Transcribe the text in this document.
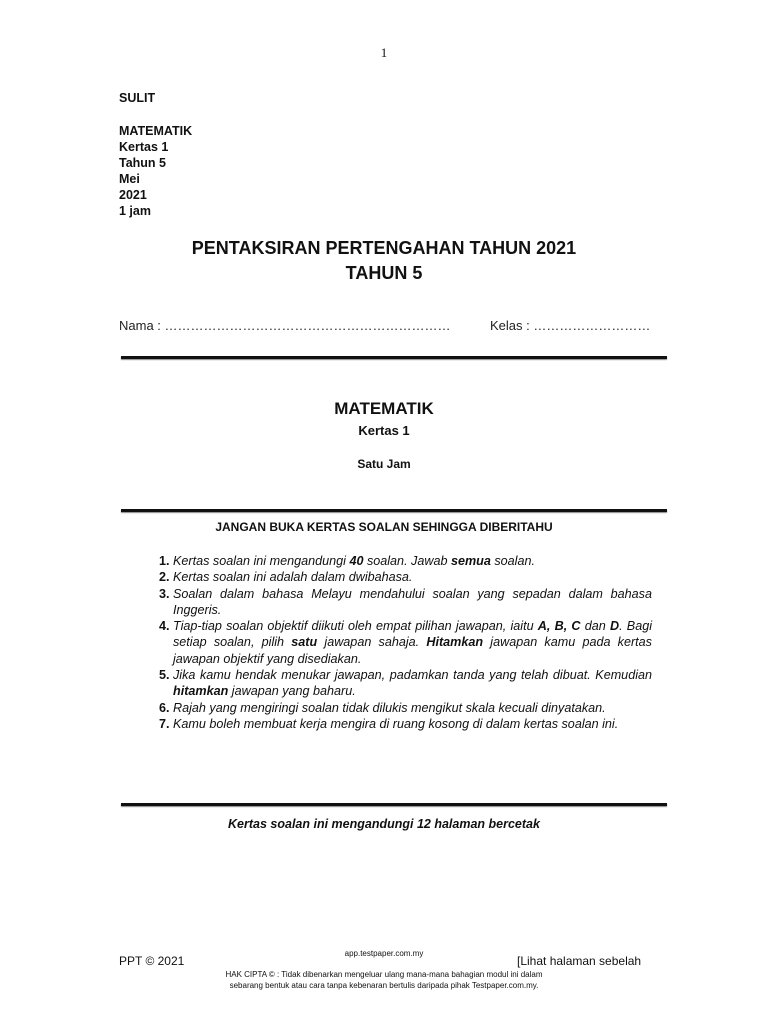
1
SULIT
MATEMATIK
Kertas 1
Tahun 5
Mei
2021
1 jam
PENTAKSIRAN PERTENGAHAN TAHUN 2021
TAHUN 5
Nama : …………………………………………………………	Kelas : ………………………
MATEMATIK
Kertas 1
Satu Jam
JANGAN BUKA KERTAS SOALAN SEHINGGA DIBERITAHU
1. Kertas soalan ini mengandungi 40 soalan. Jawab semua soalan.
2. Kertas soalan ini adalah dalam dwibahasa.
3. Soalan dalam bahasa Melayu mendahului soalan yang sepadan dalam bahasa Inggeris.
4. Tiap-tiap soalan objektif diikuti oleh empat pilihan jawapan, iaitu A, B, C dan D. Bagi setiap soalan, pilih satu jawapan sahaja. Hitamkan jawapan kamu pada kertas jawapan objektif yang disediakan.
5. Jika kamu hendak menukar jawapan, padamkan tanda yang telah dibuat. Kemudian hitamkan jawapan yang baharu.
6. Rajah yang mengiringi soalan tidak dilukis mengikut skala kecuali dinyatakan.
7. Kamu boleh membuat kerja mengira di ruang kosong di dalam kertas soalan ini.
Kertas soalan ini mengandungi 12 halaman bercetak
PPT © 2021
app.testpaper.com.my
[Lihat halaman sebelah
HAK CIPTA © : Tidak dibenarkan mengeluar ulang mana-mana bahagian modul ini dalam
sebarang bentuk atau cara tanpa kebenaran bertulis daripada pihak Testpaper.com.my.
